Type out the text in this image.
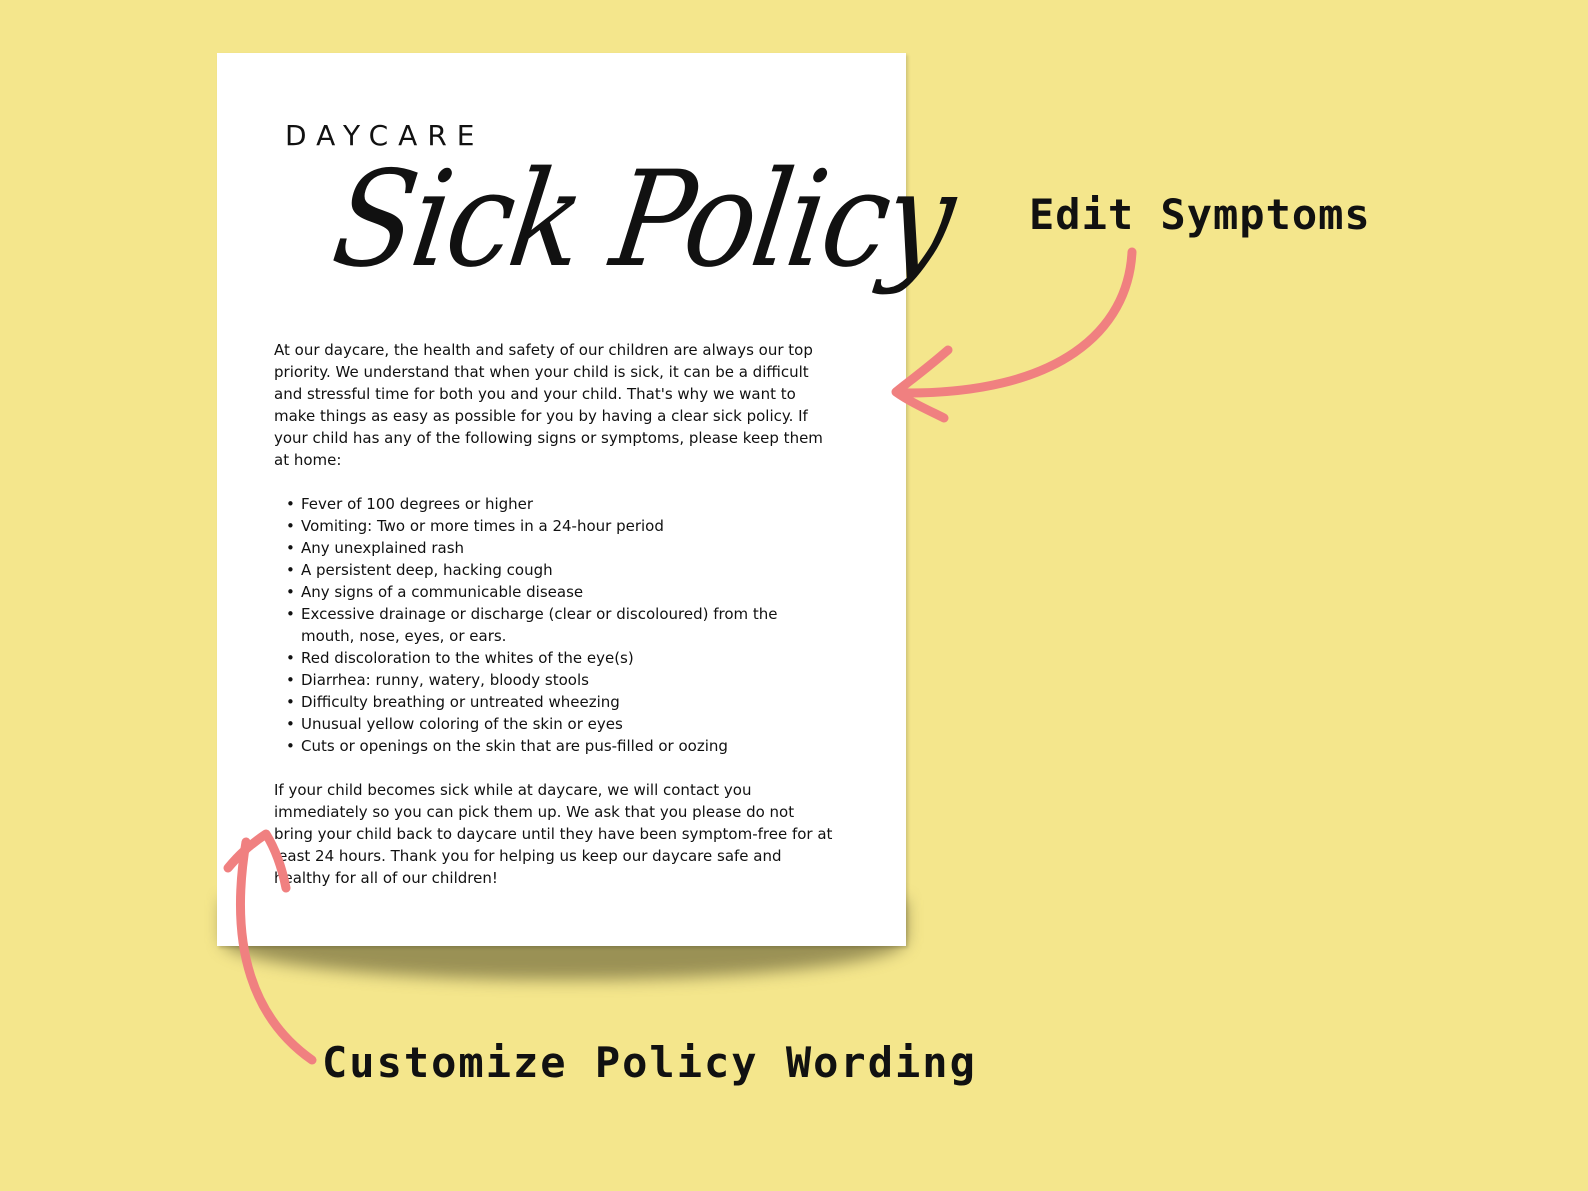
DAYCARE
Sick Policy

At our daycare, the health and safety of our children are always our top priority. We understand that when your child is sick, it can be a difficult and stressful time for both you and your child. That's why we want to make things as easy as possible for you by having a clear sick policy. If your child has any of the following signs or symptoms, please keep them at home:

• Fever of 100 degrees or higher
• Vomiting: Two or more times in a 24-hour period
• Any unexplained rash
• A persistent deep, hacking cough
• Any signs of a communicable disease
• Excessive drainage or discharge (clear or discoloured) from the mouth, nose, eyes, or ears.
• Red discoloration to the whites of the eye(s)
• Diarrhea: runny, watery, bloody stools
• Difficulty breathing or untreated wheezing
• Unusual yellow coloring of the skin or eyes
• Cuts or openings on the skin that are pus-filled or oozing

If your child becomes sick while at daycare, we will contact you immediately so you can pick them up. We ask that you please do not bring your child back to daycare until they have been symptom-free for at least 24 hours. Thank you for helping us keep our daycare safe and healthy for all of our children!

Edit Symptoms
Customize Policy Wording
